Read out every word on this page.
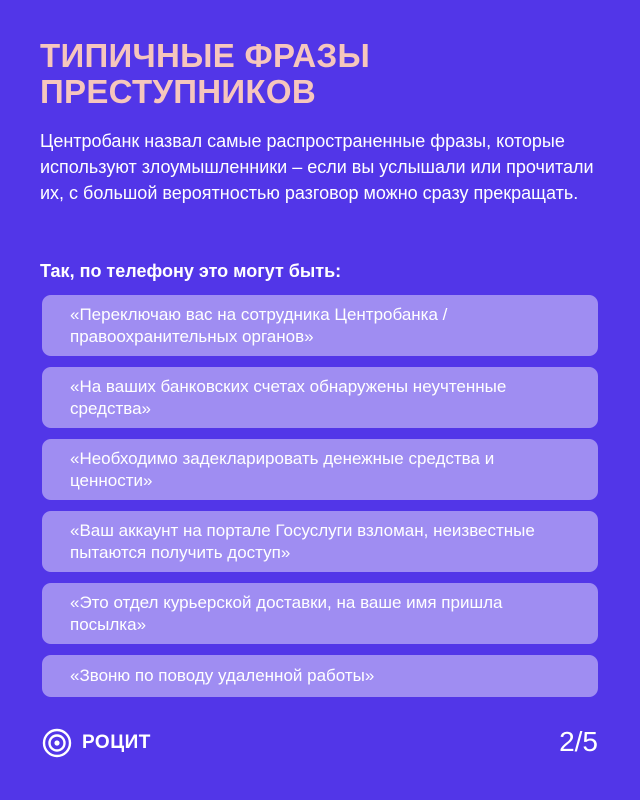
ТИПИЧНЫЕ ФРАЗЫ
ПРЕСТУПНИКОВ

Центробанк назвал самые распространенные фразы, которые используют злоумышленники – если вы услышали или прочитали их, с большой вероятностью разговор можно сразу прекращать.

Так, по телефону это могут быть:

«Переключаю вас на сотрудника Центробанка / правоохранительных органов»
«На ваших банковских счетах обнаружены неучтенные средства»
«Необходимо задекларировать денежные средства и ценности»
«Ваш аккаунт на портале Госуслуги взломан, неизвестные пытаются получить доступ»
«Это отдел курьерской доставки, на ваше имя пришла посылка»
«Звоню по поводу удаленной работы»
РОЦИТ	2/5
